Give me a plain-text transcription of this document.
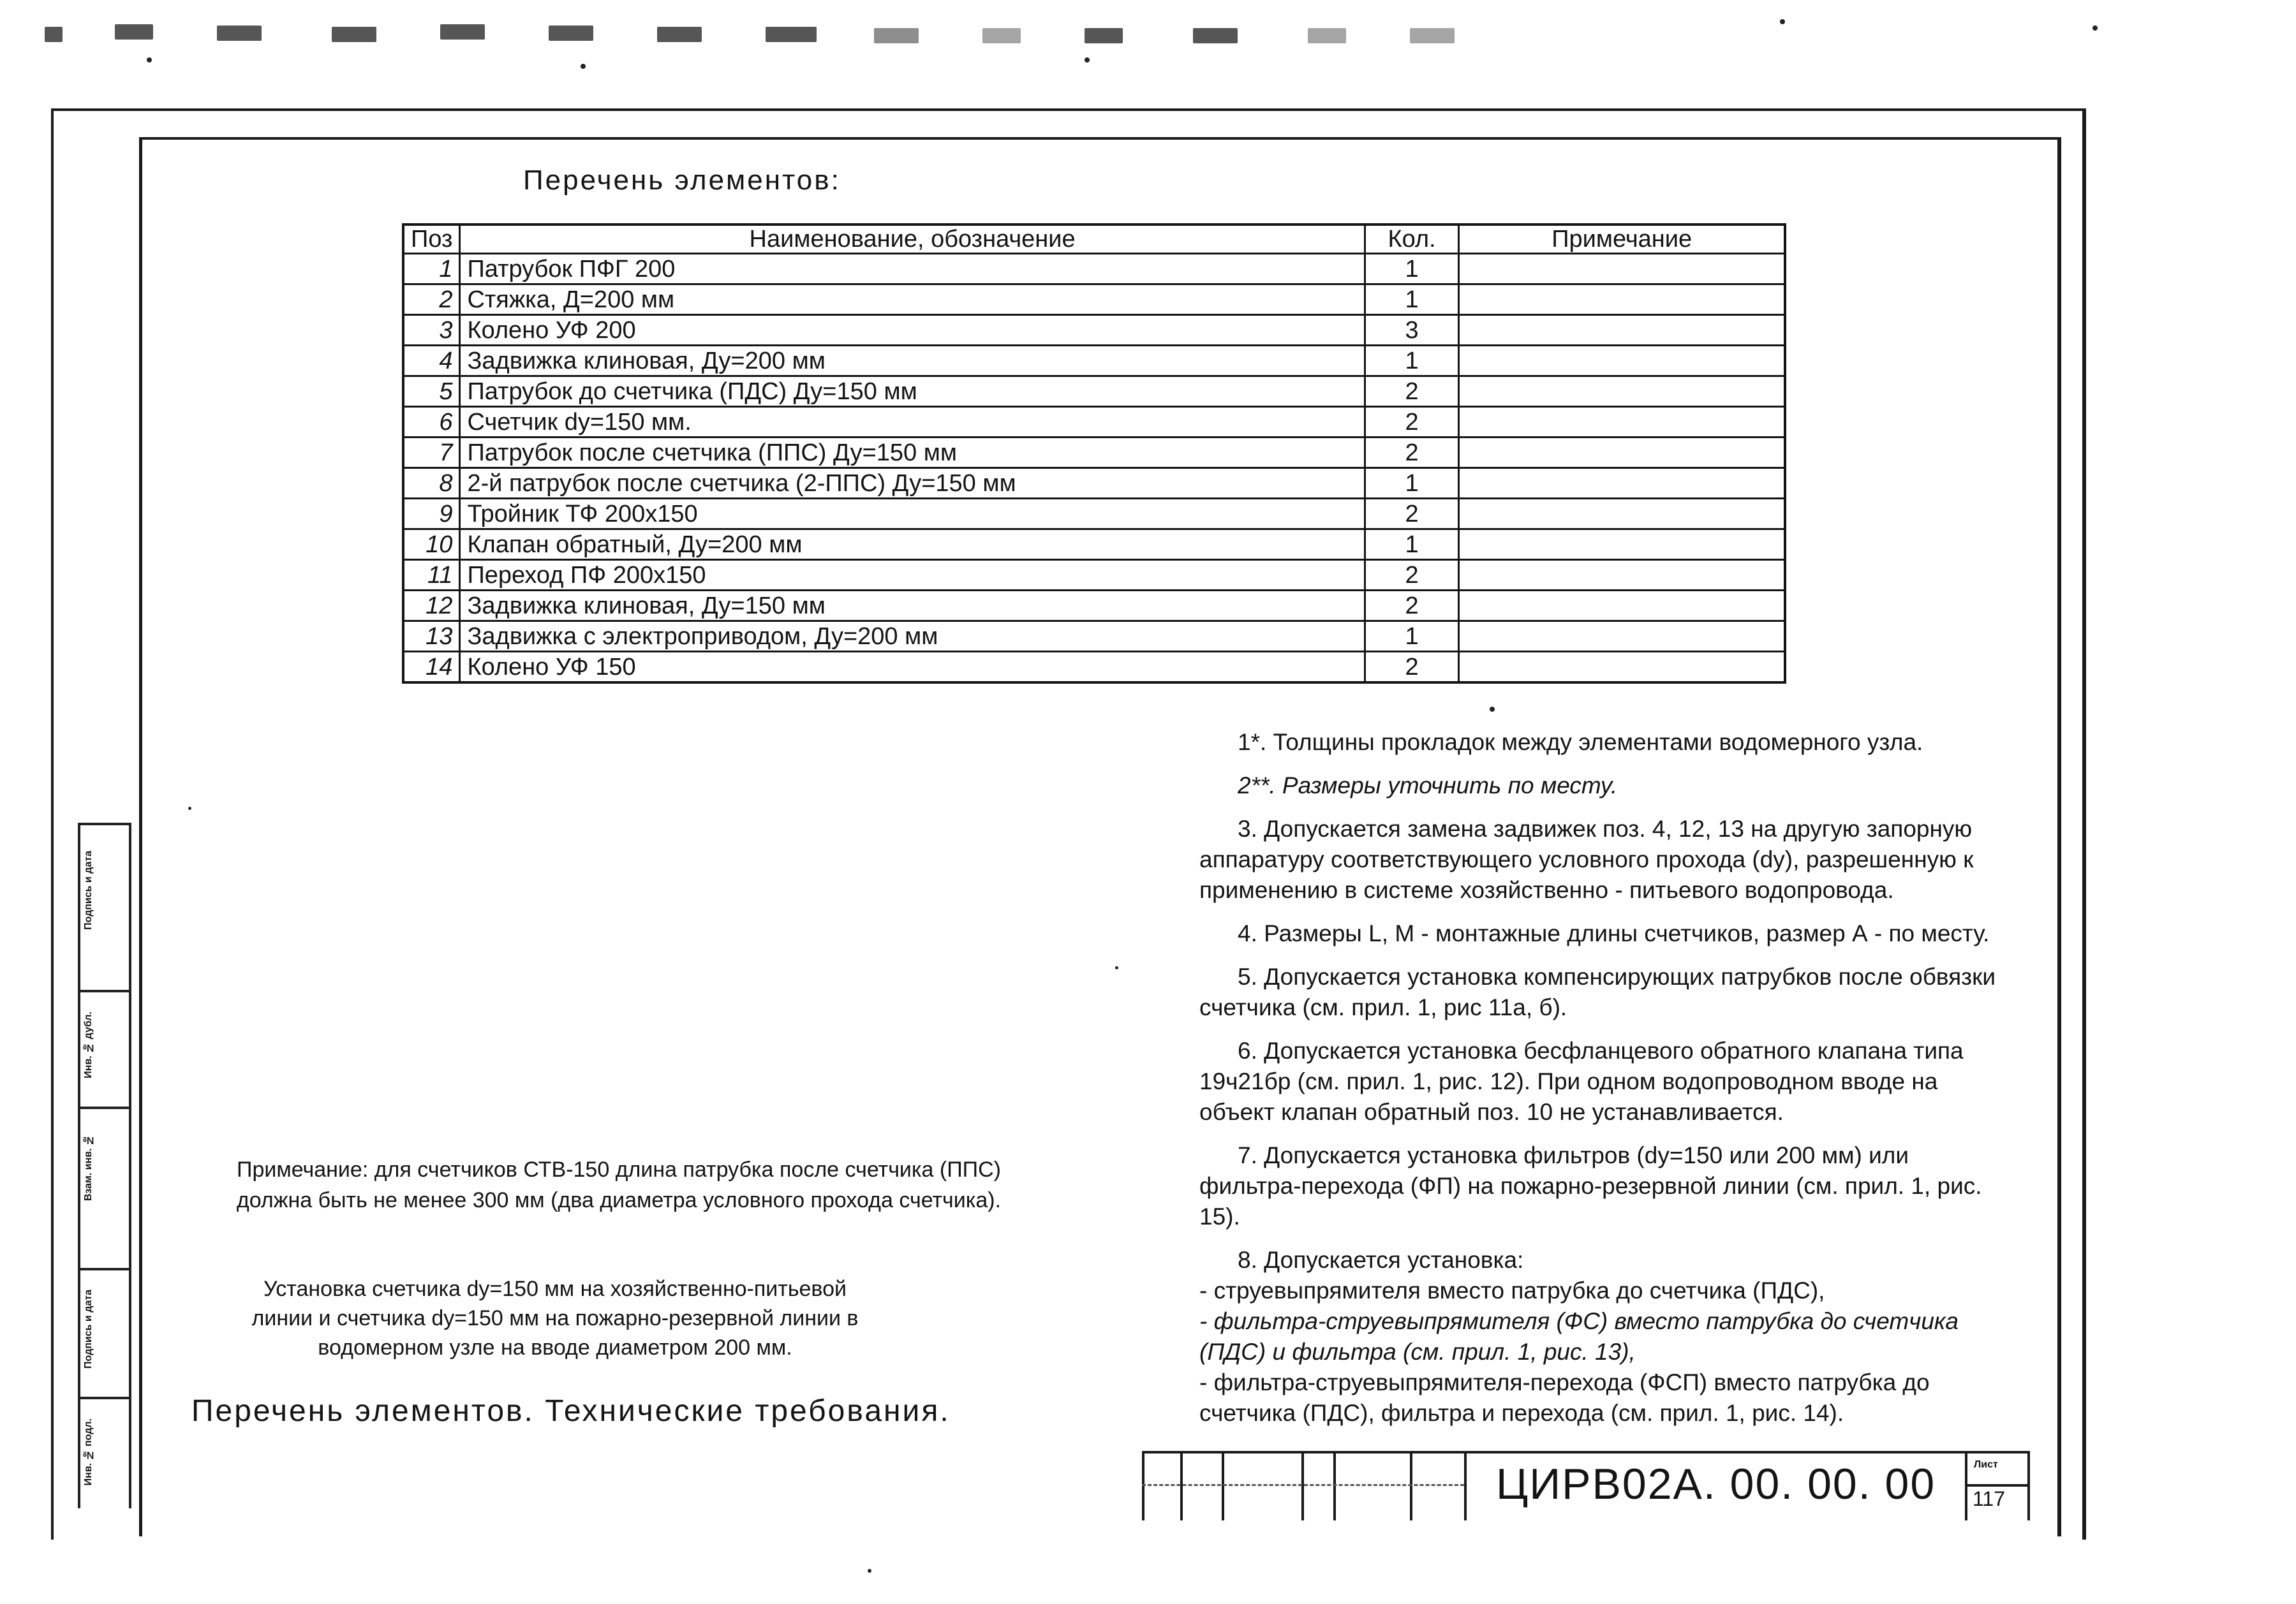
Подпись и дата
Инв. № дубл.
Взам. инв. №
Подпись и дата
Инв. № подл.
Перечень элементов:
Поз	Наименование, обозначение	Кол.	Примечание
1	Патрубок ПФГ 200	1	
2	Стяжка, Д=200 мм	1	
3	Колено УФ 200	3	
4	Задвижка клиновая, Ду=200 мм	1	
5	Патрубок до счетчика (ПДС) Ду=150 мм	2	
6	Счетчик dy=150 мм.	2	
7	Патрубок после счетчика (ППС) Ду=150 мм	2	
8	2-й патрубок после счетчика (2-ППС) Ду=150 мм	1	
9	Тройник ТФ 200х150	2	
10	Клапан обратный, Ду=200 мм	1	
11	Переход ПФ 200х150	2	
12	Задвижка клиновая, Ду=150 мм	2	
13	Задвижка с электроприводом, Ду=200 мм	1	
14	Колено УФ 150	2	

1*. Толщины прокладок между элементами водомерного узла.

2**. Размеры уточнить по месту.

3. Допускается замена задвижек поз. 4, 12, 13 на другую запорную аппаратуру соответствующего условного прохода (dy), разрешенную к применению в системе хозяйственно - питьевого водопровода.

4. Размеры L, М - монтажные длины счетчиков, размер А - по месту.

5. Допускается установка компенсирующих патрубков после обвязки счетчика (см. прил. 1, рис 11а, б).

6. Допускается установка бесфланцевого обратного клапана типа 19ч21бр (см. прил. 1, рис. 12). При одном водопроводном вводе на объект клапан обратный поз. 10 не устанавливается.

7. Допускается установка фильтров (dy=150 или 200 мм) или фильтра-перехода (ФП) на пожарно-резервной линии (см. прил. 1, рис. 15).

8. Допускается установка:

- струевыпрямителя вместо патрубка до счетчика (ПДС),

- фильтра-струевыпрямителя (ФС) вместо патрубка до счетчика (ПДС) и фильтра (см. прил. 1, рис. 13),

- фильтра-струевыпрямителя-перехода (ФСП) вместо патрубка до счетчика (ПДС), фильтра и перехода (см. прил. 1, рис. 14).

Примечание: для счетчиков СТВ-150 длина патрубка после счетчика (ППС)
должна быть не менее 300 мм (два диаметра условного прохода счетчика).
Установка счетчика dy=150 мм на хозяйственно-питьевой
линии и счетчика dy=150 мм на пожарно-резервной линии в
водомерном узле на вводе диаметром 200 мм.
Перечень элементов. Технические требования.
ЦИРВ02А. 00. 00. 00	Лист
117
